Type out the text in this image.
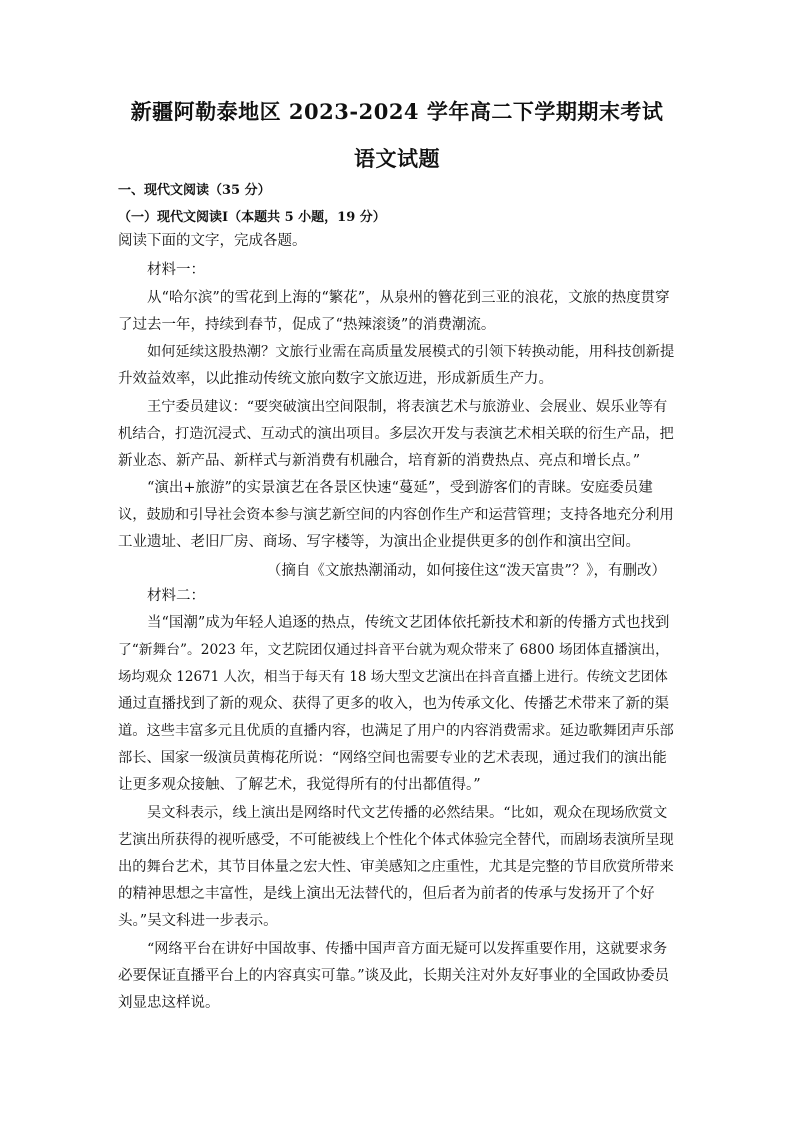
新疆阿勒泰地区 2023-2024 学年高二下学期期末考试
语文试题
一、现代文阅读（35 分）
（一）现代文阅读Ⅰ（本题共 5 小题，19 分）
阅读下面的文字，完成各题。
材料一：
从“哈尔滨”的雪花到上海的“繁花”，从泉州的簪花到三亚的浪花，文旅的热度贯穿
了过去一年，持续到春节，促成了“热辣滚烫”的消费潮流。
如何延续这股热潮？文旅行业需在高质量发展模式的引领下转换动能，用科技创新提
升效益效率，以此推动传统文旅向数字文旅迈进，形成新质生产力。
王宁委员建议：“要突破演出空间限制，将表演艺术与旅游业、会展业、娱乐业等有
机结合，打造沉浸式、互动式的演出项目。多层次开发与表演艺术相关联的衍生产品，把
新业态、新产品、新样式与新消费有机融合，培育新的消费热点、亮点和增长点。”
“演出+旅游”的实景演艺在各景区快速“蔓延”，受到游客们的青睐。安庭委员建
议，鼓励和引导社会资本参与演艺新空间的内容创作生产和运营管理；支持各地充分利用
工业遗址、老旧厂房、商场、写字楼等，为演出企业提供更多的创作和演出空间。
（摘自《文旅热潮涌动，如何接住这“泼天富贵”？》，有删改）
材料二：
当“国潮”成为年轻人追逐的热点，传统文艺团体依托新技术和新的传播方式也找到
了“新舞台”。2023 年，文艺院团仅通过抖音平台就为观众带来了 6800 场团体直播演出，
场均观众 12671 人次，相当于每天有 18 场大型文艺演出在抖音直播上进行。传统文艺团体
通过直播找到了新的观众、获得了更多的收入，也为传承文化、传播艺术带来了新的渠
道。这些丰富多元且优质的直播内容，也满足了用户的内容消费需求。延边歌舞团声乐部
部长、国家一级演员黄梅花所说：“网络空间也需要专业的艺术表现，通过我们的演出能
让更多观众接触、了解艺术，我觉得所有的付出都值得。”
吴文科表示，线上演出是网络时代文艺传播的必然结果。“比如，观众在现场欣赏文
艺演出所获得的视听感受，不可能被线上个性化个体式体验完全替代，而剧场表演所呈现
出的舞台艺术，其节目体量之宏大性、审美感知之庄重性，尤其是完整的节目欣赏所带来
的精神思想之丰富性，是线上演出无法替代的，但后者为前者的传承与发扬开了个好
头。”吴文科进一步表示。
“网络平台在讲好中国故事、传播中国声音方面无疑可以发挥重要作用，这就要求务
必要保证直播平台上的内容真实可靠。”谈及此，长期关注对外友好事业的全国政协委员
刘显忠这样说。
